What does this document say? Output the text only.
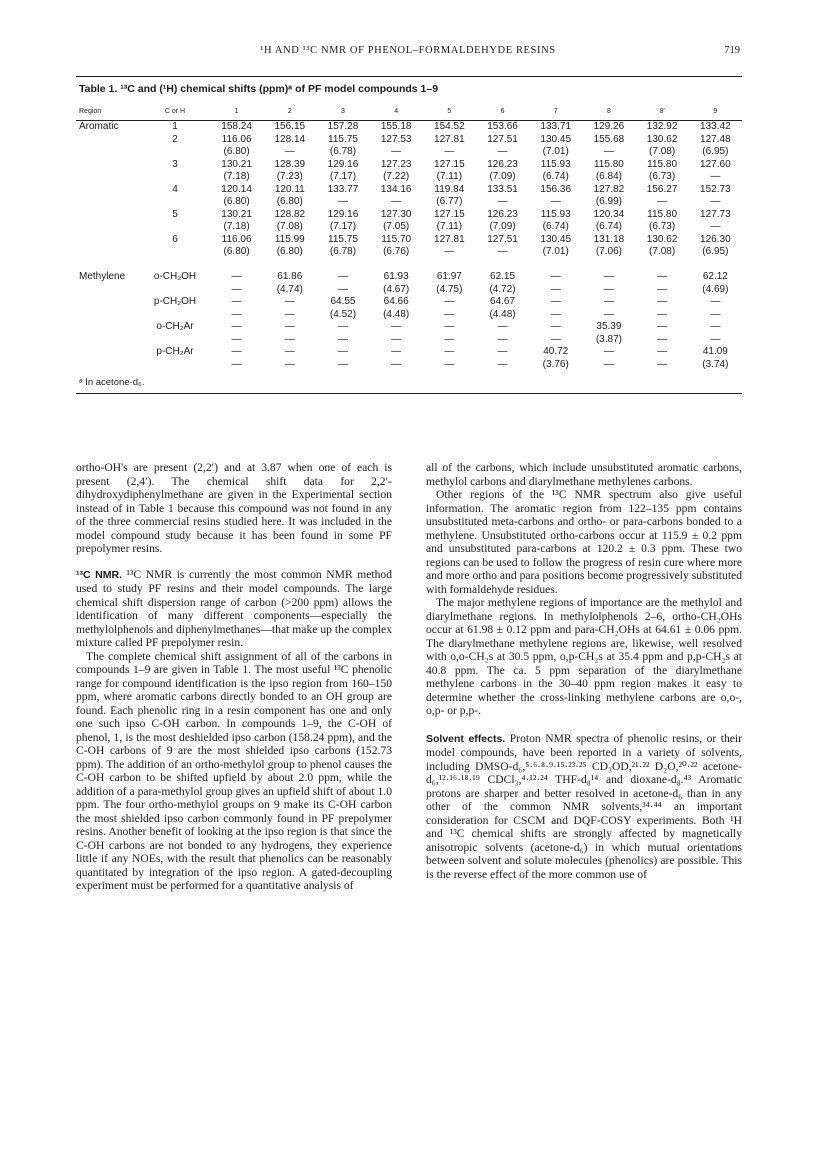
¹H AND ¹³C NMR OF PHENOL–FORMALDEHYDE RESINS	719
Table 1. ¹³C and (¹H) chemical shifts (ppm)ᵃ of PF model compounds 1–9
Region	C or H	1	2	3	4	5	6	7	8	8′	9
Aromatic	1	158.24	156.15	157.28	155.18	154.52	153.66	133.71	129.26	132.92	133.42
	2	116.06	128.14	115.75	127.53	127.81	127.51	130.45	155.68	130.62	127.48
		(6.80)	—	(6.78)	—	—	—	(7.01)	—	(7.08)	(6.95)
	3	130.21	128.39	129.16	127.23	127.15	126.23	115.93	115.80	115.80	127.60
		(7.18)	(7.23)	(7.17)	(7.22)	(7.11)	(7.09)	(6.74)	(6.84)	(6.73)	—
	4	120.14	120.11	133.77	134.16	119.84	133.51	156.36	127.82	156.27	152.73
		(6.80)	(6.80)	—	—	(6.77)	—	—	(6.99)	—	—
	5	130.21	128.82	129.16	127.30	127.15	126.23	115.93	120.34	115.80	127.73
		(7.18)	(7.08)	(7.17)	(7.05)	(7.11)	(7.09)	(6.74)	(6.74)	(6.73)	—
	6	116.06	115.99	115.75	115.70	127.81	127.51	130.45	131.18	130.62	126.30
		(6.80)	(6.80)	(6.78)	(6.76)	—	—	(7.01)	(7.06)	(7.08)	(6.95)

Methylene	o-CH₂OH	—	61.86	—	61.93	61.97	62.15	—	—	—	62.12
		—	(4.74)	—	(4.67)	(4.75)	(4.72)	—	—	—	(4.69)
	p-CH₂OH	—	—	64.55	64.66	—	64.67	—	—	—	—
		—	—	(4.52)	(4.48)	—	(4.48)	—	—	—	—
	o-CH₂Ar	—	—	—	—	—	—	—	35.39	—	—
		—	—	—	—	—	—	—	(3.87)	—	—
	p-CH₂Ar	—	—	—	—	—	—	40.72	—	—	41.09
		—	—	—	—	—	—	(3.76)	—	—	(3.74)
ᵃ In acetone-d₆.

ortho-OH's are present (2,2′) and at 3.87 when one of each is present (2,4′). The chemical shift data for 2,2′-dihydroxydiphenylmethane are given in the Experimental section instead of in Table 1 because this compound was not found in any of the three commercial resins studied here. It was included in the model compound study because it has been found in some PF prepolymer resins.

¹³C NMR. ¹³C NMR is currently the most common NMR method used to study PF resins and their model compounds. The large chemical shift dispersion range of carbon (>200 ppm) allows the identification of many different components—especially the methylolphenols and diphenylmethanes—that make up the complex mixture called PF prepolymer resin.

The complete chemical shift assignment of all of the carbons in compounds 1–9 are given in Table 1. The most useful ¹³C phenolic range for compound identification is the ipso region from 160–150 ppm, where aromatic carbons directly bonded to an OH group are found. Each phenolic ring in a resin component has one and only one such ipso C-OH carbon. In compounds 1–9, the C-OH of phenol, 1, is the most deshielded ipso carbon (158.24 ppm), and the C-OH carbons of 9 are the most shielded ipso carbons (152.73 ppm). The addition of an ortho-methylol group to phenol causes the C-OH carbon to be shifted upfield by about 2.0 ppm, while the addition of a para-methylol group gives an upfield shift of about 1.0 ppm. The four ortho-methylol groups on 9 make its C-OH carbon the most shielded ipso carbon commonly found in PF prepolymer resins. Another benefit of looking at the ipso region is that since the C-OH carbons are not bonded to any hydrogens, they experience little if any NOEs, with the result that phenolics can be reasonably quantitated by integration of the ipso region. A gated-decoupling experiment must be performed for a quantitative analysis of

all of the carbons, which include unsubstituted aromatic carbons, methylol carbons and diarylmethane methylenes carbons.

Other regions of the ¹³C NMR spectrum also give useful information. The aromatic region from 122–135 ppm contains unsubstituted meta-carbons and ortho- or para-carbons bonded to a methylene. Unsubstituted ortho-carbons occur at 115.9 ± 0.2 ppm and unsubstituted para-carbons at 120.2 ± 0.3 ppm. These two regions can be used to follow the progress of resin cure where more and more ortho and para positions become progressively substituted with formaldehyde residues.

The major methylene regions of importance are the methylol and diarylmethane regions. In methylolphenols 2–6, ortho-CH₂OHs occur at 61.98 ± 0.12 ppm and para-CH₂OHs at 64.61 ± 0.06 ppm. The diarylmethane methylene regions are, likewise, well resolved with o,o-CH₂s at 30.5 ppm, o,p-CH₂s at 35.4 ppm and p,p-CH₂s at 40.8 ppm. The ca. 5 ppm separation of the diarylmethane methylene carbons in the 30–40 ppm region makes it easy to determine whether the cross-linking methylene carbons are o,o-, o,p- or p,p-.

Solvent effects. Proton NMR spectra of phenolic resins, or their model compounds, have been reported in a variety of solvents, including DMSO-d₆,⁵·⁶·⁸·⁹·¹⁵·²³·²⁵ CD₃OD,²¹·²² D₂O,²⁰·²² acetone-d₆,¹²·¹⁶·¹⁸·¹⁹ CDCl₃,⁴·¹²·²⁴ THF-d₈¹⁴ and dioxane-d₈.⁴³ Aromatic protons are sharper and better resolved in acetone-d₆ than in any other of the common NMR solvents,³⁴·⁴⁴ an important consideration for CSCM and DQF-COSY experiments. Both ¹H and ¹³C chemical shifts are strongly affected by magnetically anisotropic solvents (acetone-d₆) in which mutual orientations between solvent and solute molecules (phenolics) are possible. This is the reverse effect of the more common use of
